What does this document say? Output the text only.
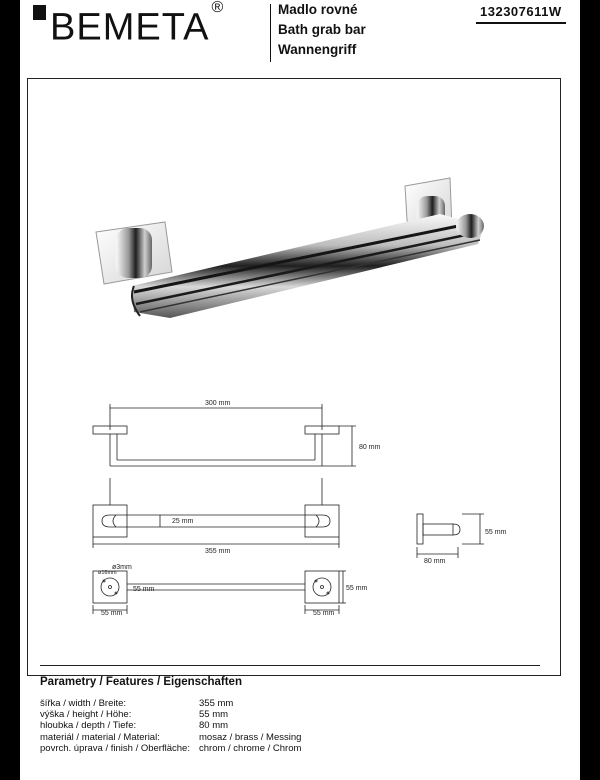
BEMETA ®	Madlo rovné
Bath grab bar
Wannengriff
132307611W
300 mm
80 mm
25 mm
355 mm
55 mm
80 mm
ø3mm
ø16mm
55 mm	55 mm
55 mm	55 mm
Parametry / Features / Eigenschaften
šířka / width / Breite:	355 mm
výška / height / Höhe:	55 mm
hloubka / depth / Tiefe:	80 mm
materiál / material / Material:	mosaz / brass / Messing
povrch. úprava / finish / Oberfläche: chrom / chrome / Chrom
